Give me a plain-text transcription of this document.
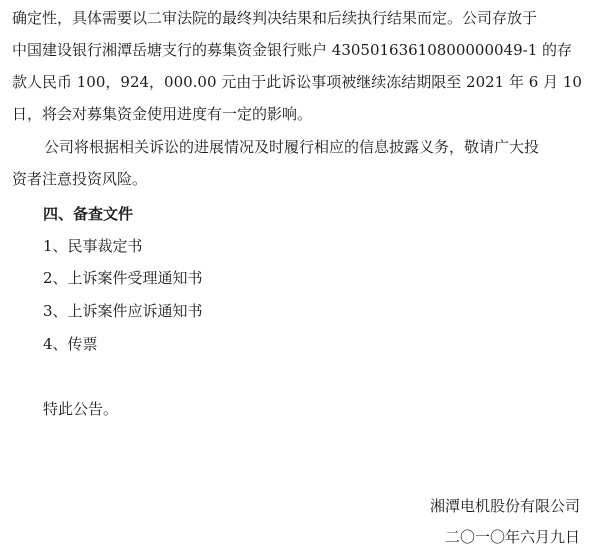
确定性，具体需要以二审法院的最终判决结果和后续执行结果而定。公司存放于
中国建设银行湘潭岳塘支行的募集资金银行账户 43050163610800000049-1 的存
款人民币 100，924，000.00 元由于此诉讼事项被继续冻结期限至 2021 年 6 月 10
日，将会对募集资金使用进度有一定的影响。
公司将根据相关诉讼的进展情况及时履行相应的信息披露义务，敬请广大投
资者注意投资风险。

四、备查文件

1、民事裁定书

2、上诉案件受理通知书

3、上诉案件应诉通知书

4、传票

特此公告。

湘潭电机股份有限公司

二〇一〇年六月九日
